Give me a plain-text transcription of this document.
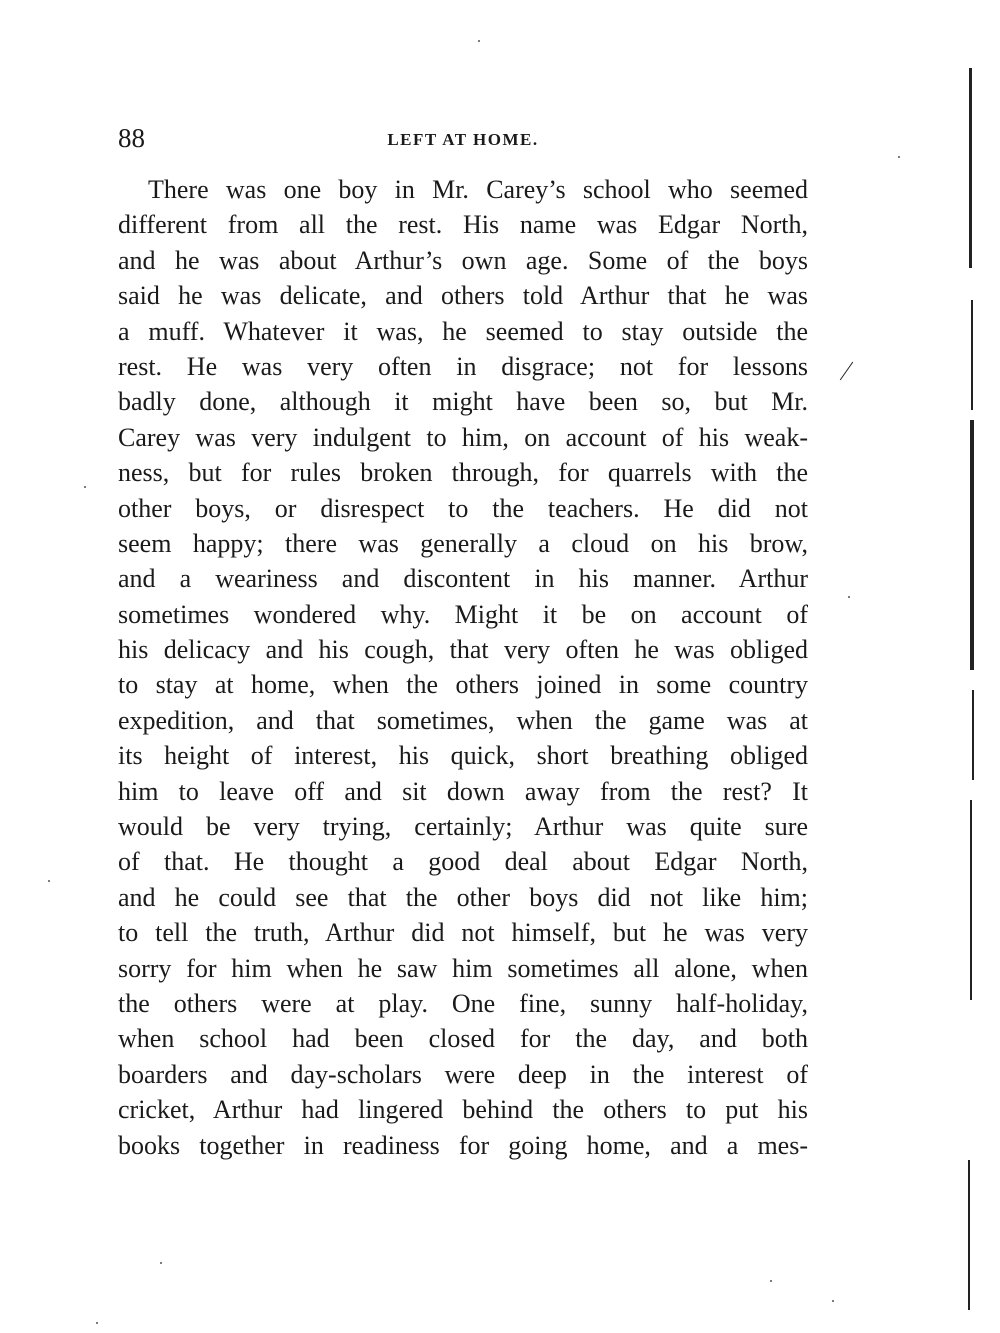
88	LEFT AT HOME.
There was one boy in Mr. Carey’s school who seemed
different from all the rest. His name was Edgar North,
and he was about Arthur’s own age. Some of the boys
said he was delicate, and others told Arthur that he was
a muff. Whatever it was, he seemed to stay outside the
rest. He was very often in disgrace; not for lessons
badly done, although it might have been so, but Mr.
Carey was very indulgent to him, on account of his weak-
ness, but for rules broken through, for quarrels with the
other boys, or disrespect to the teachers. He did not
seem happy; there was generally a cloud on his brow,
and a weariness and discontent in his manner. Arthur
sometimes wondered why. Might it be on account of
his delicacy and his cough, that very often he was obliged
to stay at home, when the others joined in some country
expedition, and that sometimes, when the game was at
its height of interest, his quick, short breathing obliged
him to leave off and sit down away from the rest? It
would be very trying, certainly; Arthur was quite sure
of that. He thought a good deal about Edgar North,
and he could see that the other boys did not like him;
to tell the truth, Arthur did not himself, but he was very
sorry for him when he saw him sometimes all alone, when
the others were at play. One fine, sunny half-holiday,
when school had been closed for the day, and both
boarders and day-scholars were deep in the interest of
cricket, Arthur had lingered behind the others to put his
books together in readiness for going home, and a mes-
